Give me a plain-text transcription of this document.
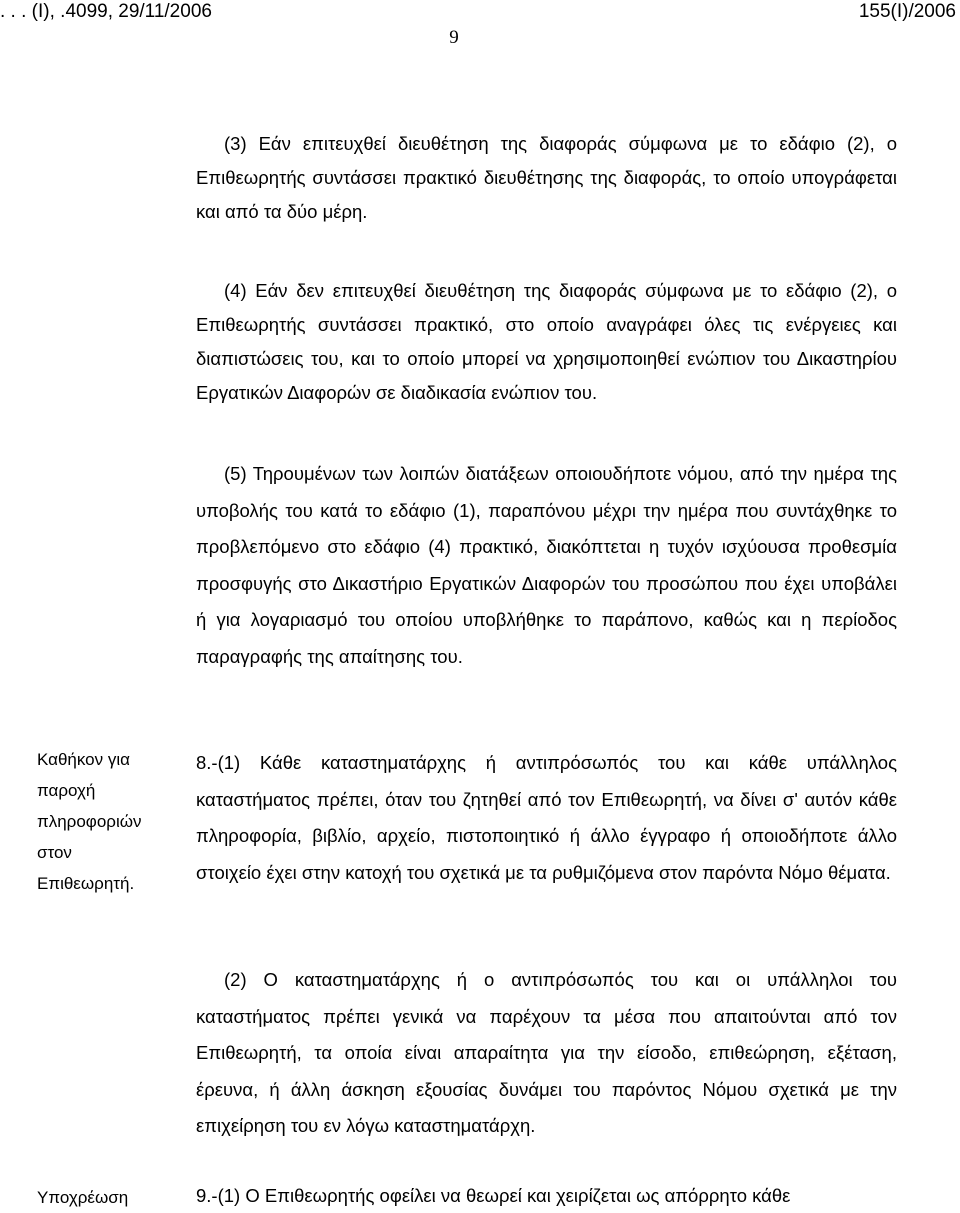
. . . (Ι), .4099, 29/11/2006	155(Ι)/2006
9

(3) Εάν επιτευχθεί διευθέτηση της διαφοράς σύμφωνα με το εδάφιο (2), ο Επιθεωρητής συντάσσει πρακτικό διευθέτησης της διαφοράς, το οποίο υπογράφεται και από τα δύο μέρη.

(4) Εάν δεν επιτευχθεί διευθέτηση της διαφοράς σύμφωνα με το εδάφιο (2), ο Επιθεωρητής συντάσσει πρακτικό, στο οποίο αναγράφει όλες τις ενέργειες και διαπιστώσεις του, και το οποίο μπορεί να χρησιμοποιηθεί ενώπιον του Δικαστηρίου Εργατικών Διαφορών σε διαδικασία ενώπιον του.

(5) Τηρουμένων των λοιπών διατάξεων οποιουδήποτε νόμου, από την ημέρα της υποβολής του κατά το εδάφιο (1), παραπόνου μέχρι την ημέρα που συντάχθηκε το προβλεπόμενο στο εδάφιο (4) πρακτικό, διακόπτεται η τυχόν ισχύουσα προθεσμία προσφυγής στο Δικαστήριο Εργατικών Διαφορών του προσώπου που έχει υποβάλει ή για λογαριασμό του οποίου υποβλήθηκε το παράπονο, καθώς και η περίοδος παραγραφής της απαίτησης του.

Καθήκον για παροχή πληροφοριών στον Επιθεωρητή.

8.-(1) Κάθε καταστηματάρχης ή αντιπρόσωπός του και κάθε υπάλληλος καταστήματος πρέπει, όταν του ζητηθεί από τον Επιθεωρητή, να δίνει σ' αυτόν κάθε πληροφορία, βιβλίο, αρχείο, πιστοποιητικό ή άλλο έγγραφο ή οποιοδήποτε άλλο στοιχείο έχει στην κατοχή του σχετικά με τα ρυθμιζόμενα στον παρόντα Νόμο θέματα.

(2) Ο καταστηματάρχης ή ο αντιπρόσωπός του και οι υπάλληλοι του καταστήματος πρέπει γενικά να παρέχουν τα μέσα που απαιτούνται από τον Επιθεωρητή, τα οποία είναι απαραίτητα για την είσοδο, επιθεώρηση, εξέταση, έρευνα, ή άλλη άσκηση εξουσίας δυνάμει του παρόντος Νόμου σχετικά με την επιχείρηση του εν λόγω καταστηματάρχη.

Υποχρέωση	9.-(1) Ο Επιθεωρητής οφείλει να θεωρεί και χειρίζεται ως απόρρητο κάθε
